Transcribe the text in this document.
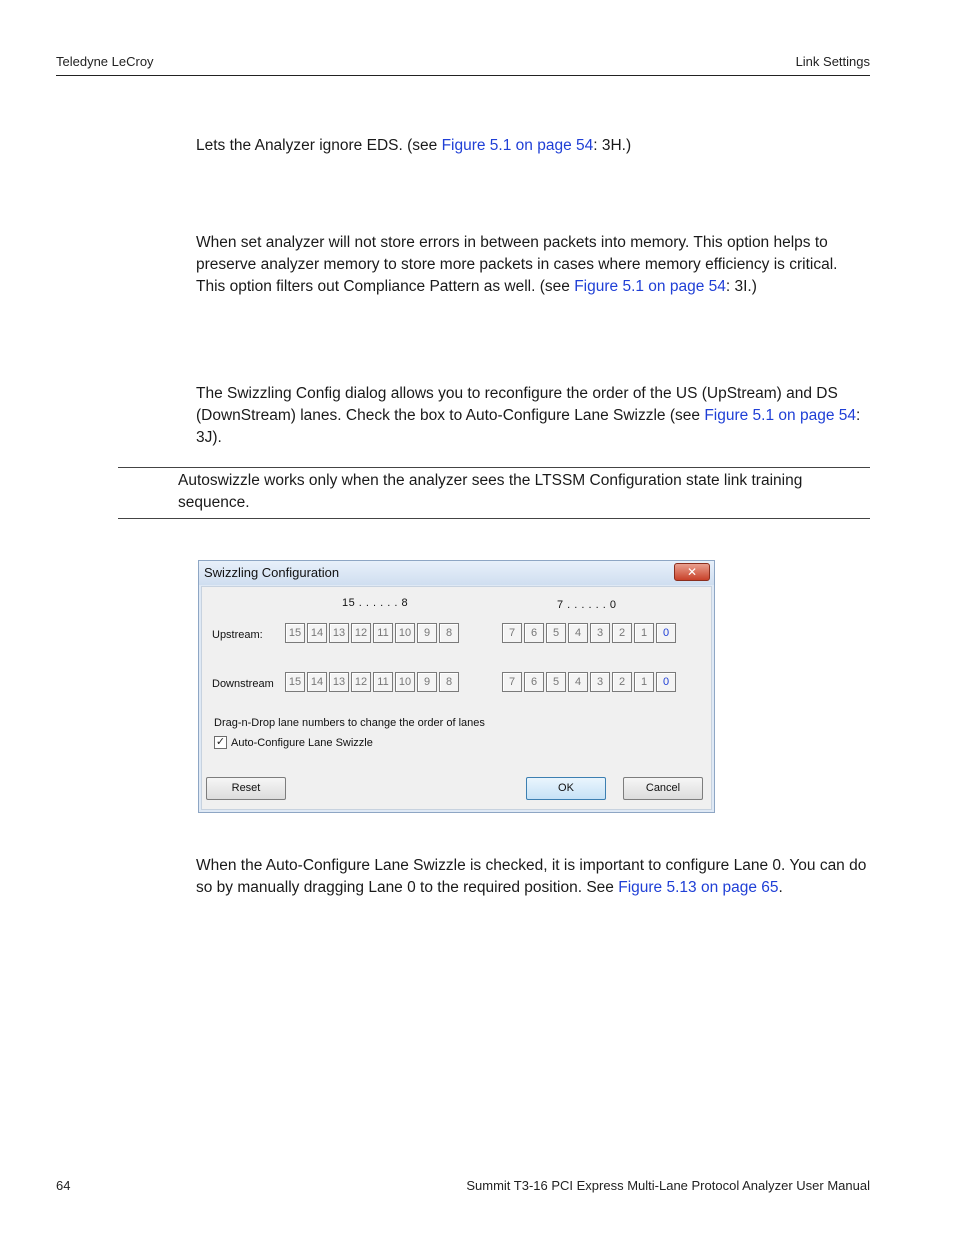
Teledyne LeCroy	Link Settings

Lets the Analyzer ignore EDS. (see Figure 5.1 on page 54: 3H.)

When set analyzer will not store errors in between packets into memory. This option helps to preserve analyzer memory to store more packets in cases where memory efficiency is critical. This option filters out Compliance Pattern as well. (see Figure 5.1 on page 54: 3I.)

The Swizzling Config dialog allows you to reconfigure the order of the US (UpStream) and DS (DownStream) lanes. Check the box to Auto-Configure Lane Swizzle (see Figure 5.1 on page 54: 3J).

Autoswizzle works only when the analyzer sees the LTSSM Configuration state link training sequence.
Swizzling Configuration	✕
15 . . . . . . 8	7 . . . . . . 0
Upstream:	15 14 13 12 11 10	9	8	7	6	5	4	3	2	1	0
Downstream	15 14 13 12 11 10	9	8	7	6	5	4	3	2	1	0
Drag-n-Drop lane numbers to change the order of lanes
✓ Auto-Configure Lane Swizzle
Reset	OK	Cancel

When the Auto-Configure Lane Swizzle is checked, it is important to configure Lane 0. You can do so by manually dragging Lane 0 to the required position. See Figure 5.13 on page 65.

64	Summit T3-16 PCI Express Multi-Lane Protocol Analyzer User Manual
